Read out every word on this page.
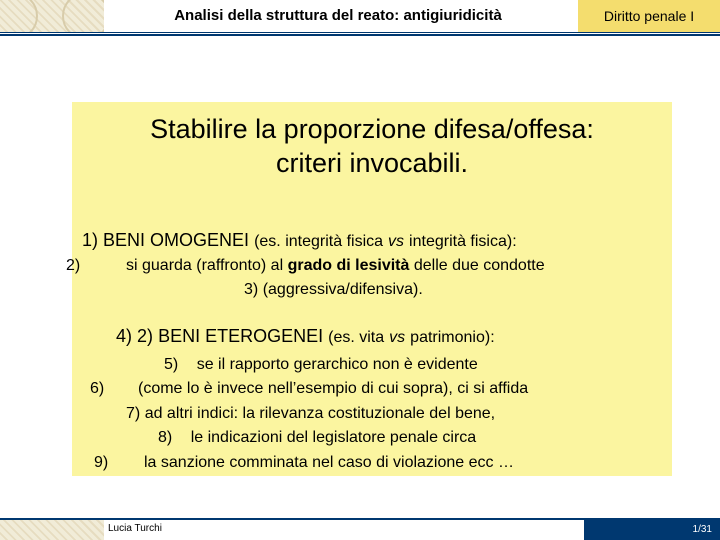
Analisi della struttura del reato: antigiuridicità	Diritto penale I
Stabilire la proporzione difesa/offesa:
criteri invocabili.
1) BENI OMOGENEI (es. integrità fisica vs integrità fisica):
2)	si guarda (raffronto) al grado di lesività delle due condotte
3) (aggressiva/difensiva).
4) 2) BENI ETEROGENEI (es. vita vs patrimonio):
5) se il rapporto gerarchico non è evidente
6) (come lo è invece nell’esempio di cui sopra), ci si affida
7) ad altri indici: la rilevanza costituzionale del bene,
8) le indicazioni del legislatore penale circa
9) la sanzione comminata nel caso di violazione ecc …
Lucia Turchi	1/31
